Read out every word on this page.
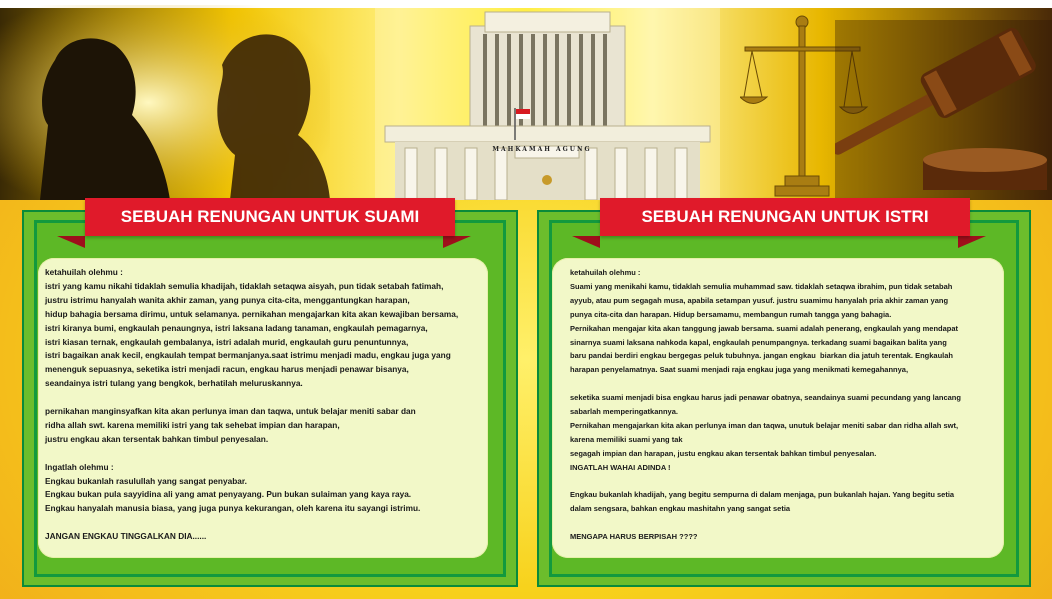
MAHKAMAH AGUNG
SEBUAH RENUNGAN UNTUK SUAMI
ketahuilah olehmu :
istri yang kamu nikahi tidaklah semulia khadijah, tidaklah setaqwa aisyah, pun tidak setabah fatimah,
justru istrimu hanyalah wanita akhir zaman, yang punya cita-cita, menggantungkan harapan,
hidup bahagia bersama dirimu, untuk selamanya. pernikahan mengajarkan kita akan kewajiban bersama,
istri kiranya bumi, engkaulah penaungnya, istri laksana ladang tanaman, engkaulah pemagarnya,
istri kiasan ternak, engkaulah gembalanya, istri adalah murid, engkaulah guru penuntunnya,
istri bagaikan anak kecil, engkaulah tempat bermanjanya.saat istrimu menjadi madu, engkau juga yang
menenguk sepuasnya, seketika istri menjadi racun, engkau harus menjadi penawar bisanya,
seandainya istri tulang yang bengkok, berhatilah meluruskannya.
pernikahan manginsyafkan kita akan perlunya iman dan taqwa, untuk belajar meniti sabar dan
ridha allah swt. karena memiliki istri yang tak sehebat impian dan harapan,
justru engkau akan tersentak bahkan timbul penyesalan.
Ingatlah olehmu :
Engkau bukanlah rasulullah yang sangat penyabar.
Engkau bukan pula sayyidina ali yang amat penyayang. Pun bukan sulaiman yang kaya raya.
Engkau hanyalah manusia biasa, yang juga punya kekurangan, oleh karena itu sayangi istrimu.
JANGAN ENGKAU TINGGALKAN DIA......
SEBUAH RENUNGAN UNTUK ISTRI
ketahuilah olehmu :
Suami yang menikahi kamu, tidaklah semulia muhammad saw. tidaklah setaqwa ibrahim, pun tidak setabah
ayyub, atau pum segagah musa, apabila setampan yusuf. justru suamimu hanyalah pria akhir zaman yang
punya cita-cita dan harapan. Hidup bersamamu, membangun rumah tangga yang bahagia.
Pernikahan mengajar kita akan tanggung jawab bersama. suami adalah penerang, engkaulah yang mendapat
sinarnya suami laksana nahkoda kapal, engkaulah penumpangnya. terkadang suami bagaikan balita yang
baru pandai berdiri engkau bergegas peluk tubuhnya. jangan engkau  biarkan dia jatuh terentak. Engkaulah
harapan penyelamatnya. Saat suami menjadi raja engkau juga yang menikmati kemegahannya,
seketika suami menjadi bisa engkau harus jadi penawar obatnya, seandainya suami pecundang yang lancang
sabarlah memperingatkannya.
Pernikahan mengajarkan kita akan perlunya iman dan taqwa, unutuk belajar meniti sabar dan ridha allah swt,
karena memiliki suami yang tak
segagah impian dan harapan, justu engkau akan tersentak bahkan timbul penyesalan.
INGATLAH WAHAI ADINDA !
Engkau bukanlah khadijah, yang begitu sempurna di dalam menjaga, pun bukanlah hajan. Yang begitu setia
dalam sengsara, bahkan engkau mashitahn yang sangat setia
MENGAPA HARUS BERPISAH ????
